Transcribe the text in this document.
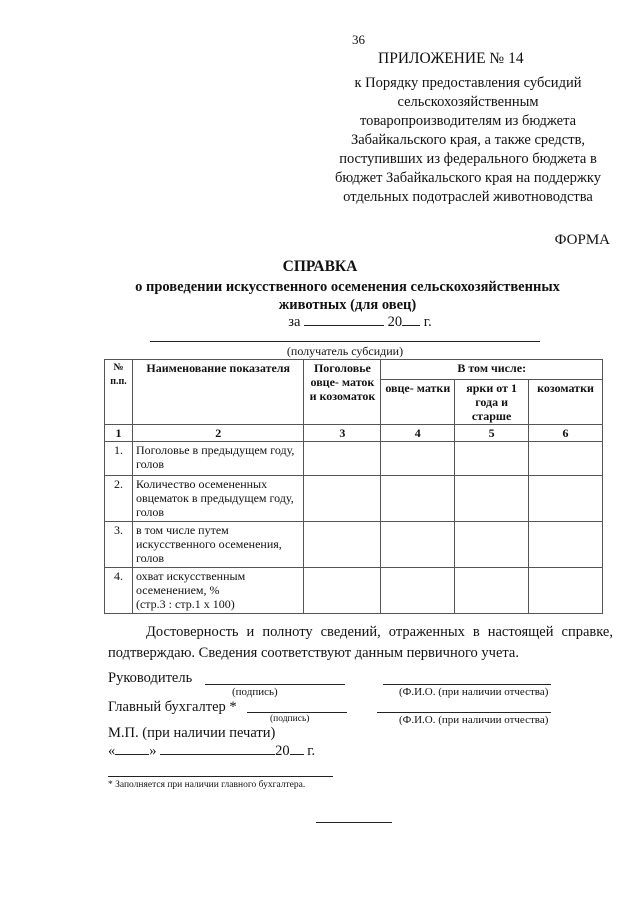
36
ПРИЛОЖЕНИЕ № 14
к Порядку предоставления субсидий
сельскохозяйственным
товаропроизводителям из бюджета
Забайкальского края, а также средств,
поступивших из федерального бюджета в
бюджет Забайкальского края на поддержку
отдельных подотраслей животноводства
ФОРМА
СПРАВКА
о проведении искусственного осеменения сельскохозяйственных
животных (для овец)
за	20 г.
(получатель субсидии)
№ п.п.	Наименование показателя	Поголовье овце- маток и козоматок	В том числе:		
			овце- матки	ярки от 1 года и старше	козоматки
1	2	3	4	5	6
1.	Поголовье в предыдущем году, голов				
2.	Количество осемененных овцематок в предыдущем году, голов				
3.	в том числе путем искусственного осеменения, голов				
4.	охват искусственным осеменением, %
(стр.3 : стр.1 х 100)				

Достоверность и полноту сведений, отраженных в настоящей справке, подтверждаю. Сведения соответствуют данным первичного учета.
Руководитель
(подпись)	(Ф.И.О. (при наличии отчества)
Главный бухгалтер *
(подпись)	(Ф.И.О. (при наличии отчества)
М.П. (при наличии печати)
« »	20 г.
* Заполняется при наличии главного бухгалтера.
